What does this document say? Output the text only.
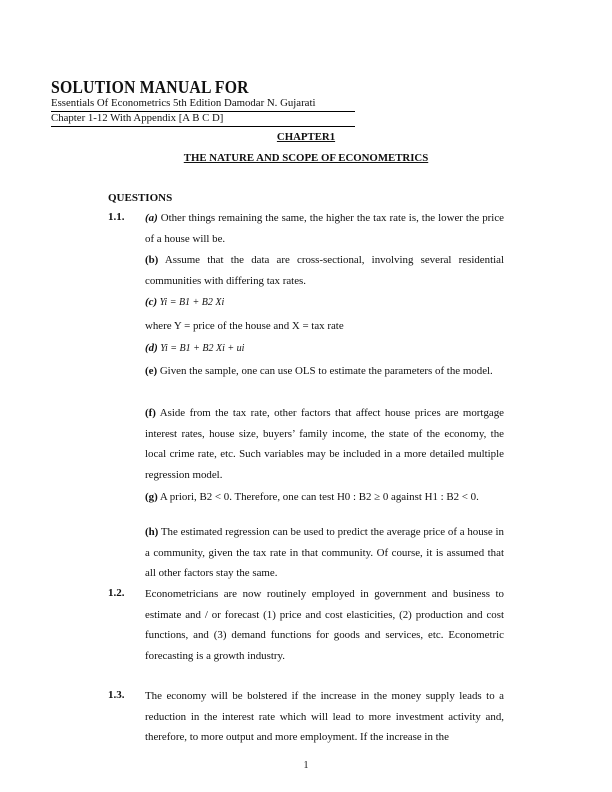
SOLUTION MANUAL FOR
Essentials Of Econometrics 5th Edition Damodar N. Gujarati
Chapter 1-12 With Appendix [A B C D]
CHAPTER1
THE NATURE AND SCOPE OF ECONOMETRICS
QUESTIONS
1.1. (a) Other things remaining the same, the higher the tax rate is, the lower the price of a house will be.
(b) Assume that the data are cross-sectional, involving several residential communities with differing tax rates.
(c) Yi = B1 + B2 Xi
where Y = price of the house and X = tax rate
(d) Yi = B1 + B2 Xi + ui
(e) Given the sample, one can use OLS to estimate the parameters of the model.
(f) Aside from the tax rate, other factors that affect house prices are mortgage interest rates, house size, buyers’ family income, the state of the economy, the local crime rate, etc. Such variables may be included in a more detailed multiple regression model.
(g) A priori, B2 < 0. Therefore, one can test H0 : B2 ≥ 0 against H1 : B2 < 0.
(h) The estimated regression can be used to predict the average price of a house in a community, given the tax rate in that community. Of course, it is assumed that all other factors stay the same.
1.2. Econometricians are now routinely employed in government and business to estimate and / or forecast (1) price and cost elasticities, (2) production and cost functions, and (3) demand functions for goods and services, etc. Econometric forecasting is a growth industry.
1.3. The economy will be bolstered if the increase in the money supply leads to a reduction in the interest rate which will lead to more investment activity and, therefore, to more output and more employment. If the increase in the
1
